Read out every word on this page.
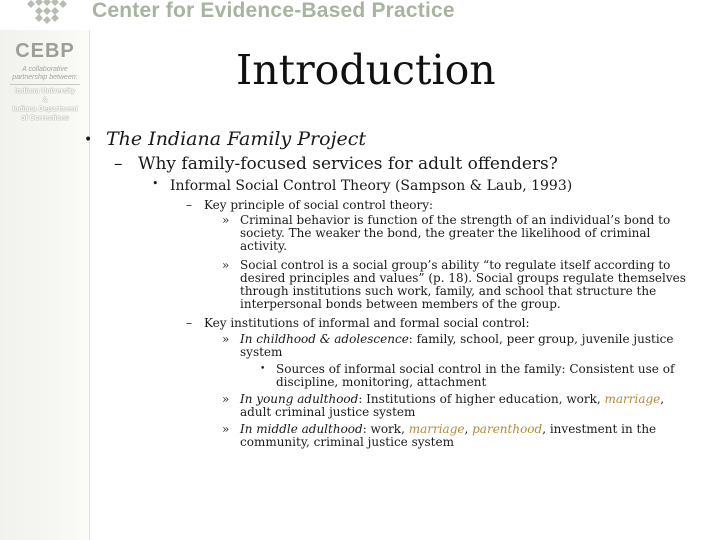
Center for Evidence-Based Practice
CEBP
A collaborative
partnership between:
Indiana University
&
Indiana Department
of Corrections
Introduction
• The Indiana Family Project
– Why family-focused services for adult offenders?
• Informal Social Control Theory (Sampson & Laub, 1993)
– Key principle of social control theory:
» Criminal behavior is function of the strength of an individual’s bond to society. The weaker the bond, the greater the likelihood of criminal activity.
» Social control is a social group’s ability “to regulate itself according to desired principles and values” (p. 18). Social groups regulate themselves through institutions such work, family, and school that structure the interpersonal bonds between members of the group.
– Key institutions of informal and formal social control:
» In childhood & adolescence: family, school, peer group, juvenile justice system
• Sources of informal social control in the family: Consistent use of discipline, monitoring, attachment
» In young adulthood: Institutions of higher education, work, marriage, adult criminal justice system
» In middle adulthood: work, marriage, parenthood, investment in the community, criminal justice system
